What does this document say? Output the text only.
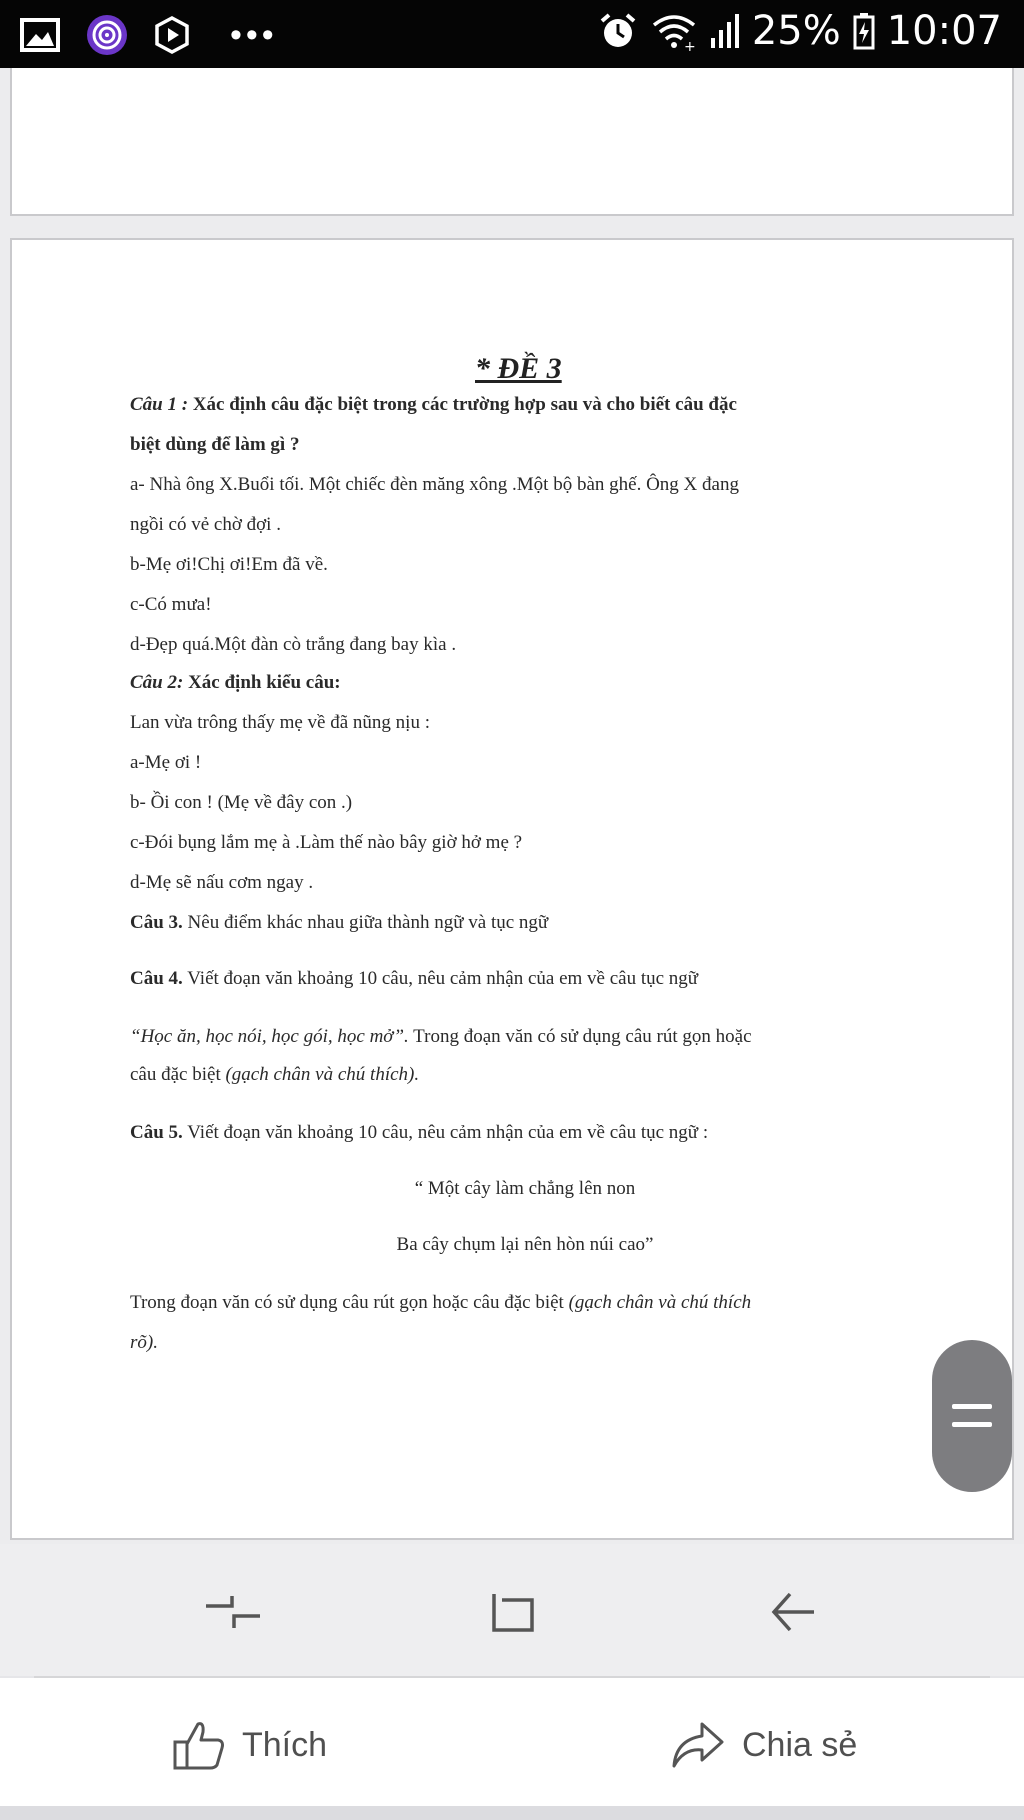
•••	+ 25% 10:07
* ĐỀ 3
Câu 1 : Xác định câu đặc biệt trong các trường hợp sau và cho biết câu đặc
biệt dùng để làm gì ?
a- Nhà ông X.Buổi tối. Một chiếc đèn măng xông .Một bộ bàn ghế. Ông X đang
ngồi có vẻ chờ đợi .
b-Mẹ ơi!Chị ơi!Em đã về.
c-Có mưa!
d-Đẹp quá.Một đàn cò trắng đang bay kìa .
Câu 2: Xác định kiểu câu:
Lan vừa trông thấy mẹ về đã nũng nịu :
a-Mẹ ơi !
b- Ồi con ! (Mẹ về đây con .)
c-Đói bụng lắm mẹ à .Làm thế nào bây giờ hở mẹ ?
d-Mẹ sẽ nấu cơm ngay .
Câu 3. Nêu điểm khác nhau giữa thành ngữ và tục ngữ
Câu 4. Viết đoạn văn khoảng 10 câu, nêu cảm nhận của em về câu tục ngữ
“Học ăn, học nói, học gói, học mở”. Trong đoạn văn có sử dụng câu rút gọn hoặc
câu đặc biệt (gạch chân và chú thích).
Câu 5. Viết đoạn văn khoảng 10 câu, nêu cảm nhận của em về câu tục ngữ :
“ Một cây làm chẳng lên non
Ba cây chụm lại nên hòn núi cao”
Trong đoạn văn có sử dụng câu rút gọn hoặc câu đặc biệt (gạch chân và chú thích
rõ).
Thích	Chia sẻ
